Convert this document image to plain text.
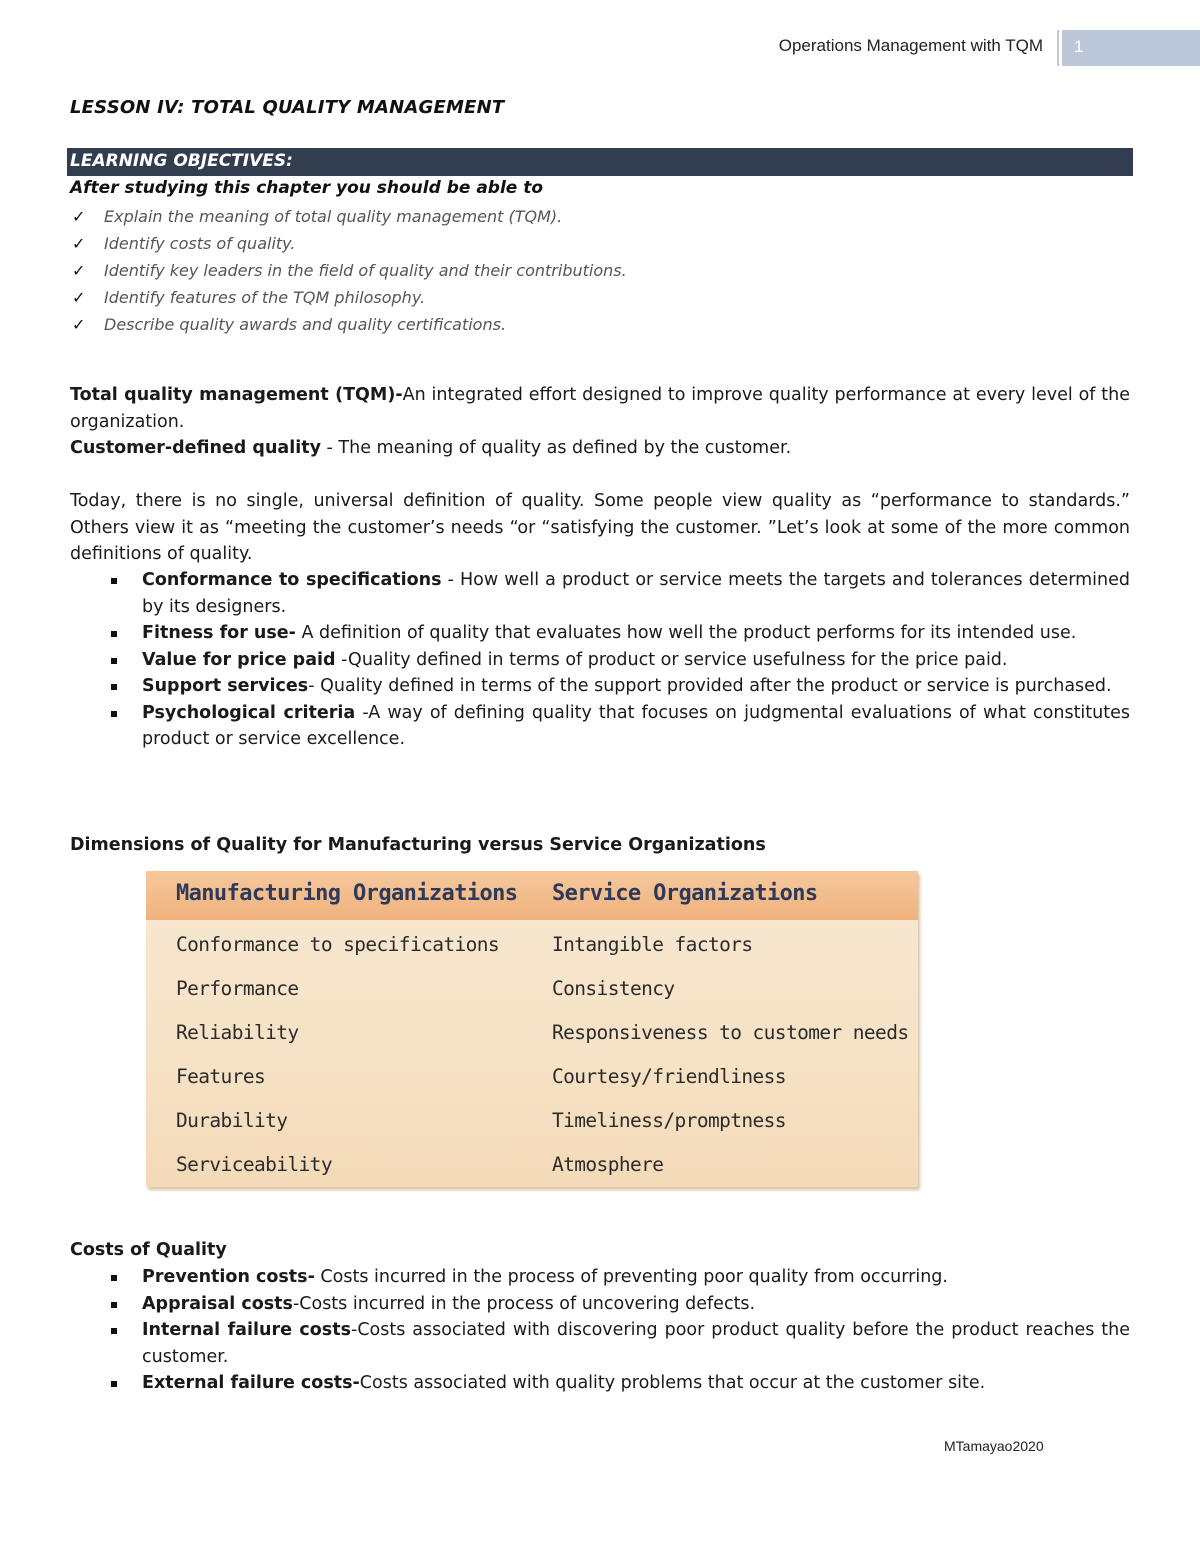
Operations Management with TQM 1
LESSON IV: TOTAL QUALITY MANAGEMENT
LEARNING OBJECTIVES:
After studying this chapter you should be able to
✓ Explain the meaning of total quality management (TQM).
✓ Identify costs of quality.
✓ Identify key leaders in the field of quality and their contributions.
✓ Identify features of the TQM philosophy.
✓ Describe quality awards and quality certifications.
Total quality management (TQM)-An integrated effort designed to improve quality performance at every level of the organization.
Customer-defined quality - The meaning of quality as defined by the customer.
Today, there is no single, universal definition of quality. Some people view quality as “performance to standards.” Others view it as “meeting the customer’s needs “or “satisfying the customer. ”Let’s look at some of the more common definitions of quality.
Conformance to specifications - How well a product or service meets the targets and tolerances determined by its designers.
Fitness for use- A definition of quality that evaluates how well the product performs for its intended use.
Value for price paid -Quality defined in terms of product or service usefulness for the price paid.
Support services- Quality defined in terms of the support provided after the product or service is purchased.
Psychological criteria -A way of defining quality that focuses on judgmental evaluations of what constitutes product or service excellence.
Dimensions of Quality for Manufacturing versus Service Organizations
Manufacturing Organizations Service Organizations
Conformance to specifications	Intangible factors
Performance	Consistency
Reliability	Responsiveness to customer needs
Features	Courtesy/friendliness
Durability	Timeliness/promptness
Serviceability	Atmosphere
Costs of Quality
Prevention costs- Costs incurred in the process of preventing poor quality from occurring.
Appraisal costs-Costs incurred in the process of uncovering defects.
Internal failure costs-Costs associated with discovering poor product quality before the product reaches the customer.
External failure costs-Costs associated with quality problems that occur at the customer site.
MTamayao2020
